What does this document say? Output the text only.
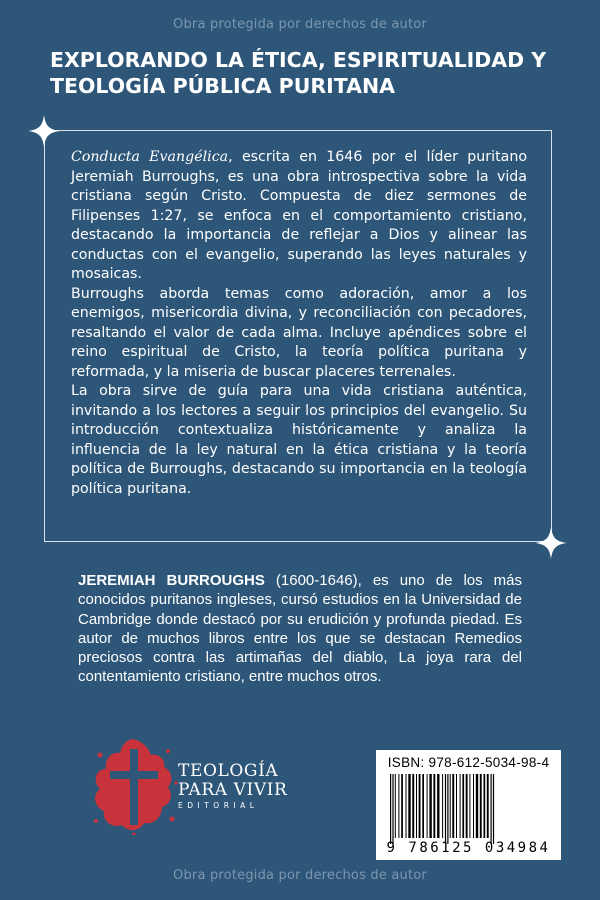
Obra protegida por derechos de autor
EXPLORANDO LA ÉTICA, ESPIRITUALIDAD Y TEOLOGÍA PÚBLICA PURITANA

Conducta Evangélica, escrita en 1646 por el líder puritano Jeremiah Burroughs, es una obra introspectiva sobre la vida cristiana según Cristo. Compuesta de diez sermones de Filipenses 1:27, se enfoca en el comportamiento cristiano, destacando la importancia de reflejar a Dios y alinear las conductas con el evangelio, superando las leyes naturales y mosaicas.

Burroughs aborda temas como adoración, amor a los enemigos, misericordia divina, y reconciliación con pecadores, resaltando el valor de cada alma. Incluye apéndices sobre el reino espiritual de Cristo, la teoría política puritana y reformada, y la miseria de buscar placeres terrenales.

La obra sirve de guía para una vida cristiana auténtica, invitando a los lectores a seguir los principios del evangelio. Su introducción contextualiza históricamente y analiza la influencia de la ley natural en la ética cristiana y la teoría política de Burroughs, destacando su importancia en la teología política puritana.

JEREMIAH BURROUGHS (1600-1646), es uno de los más conocidos puritanos ingleses, cursó estudios en la Universidad de Cambridge donde destacó por su erudición y profunda piedad. Es autor de muchos libros entre los que se destacan Remedios preciosos contra las artimañas del diablo, La joya rara del contentamiento cristiano, entre muchos otros.

TEOLOGÍA
PARA VIVIR
EDITORIAL
ISBN: 978-612-5034-98-4
9 786125 034984
Obra protegida por derechos de autor
